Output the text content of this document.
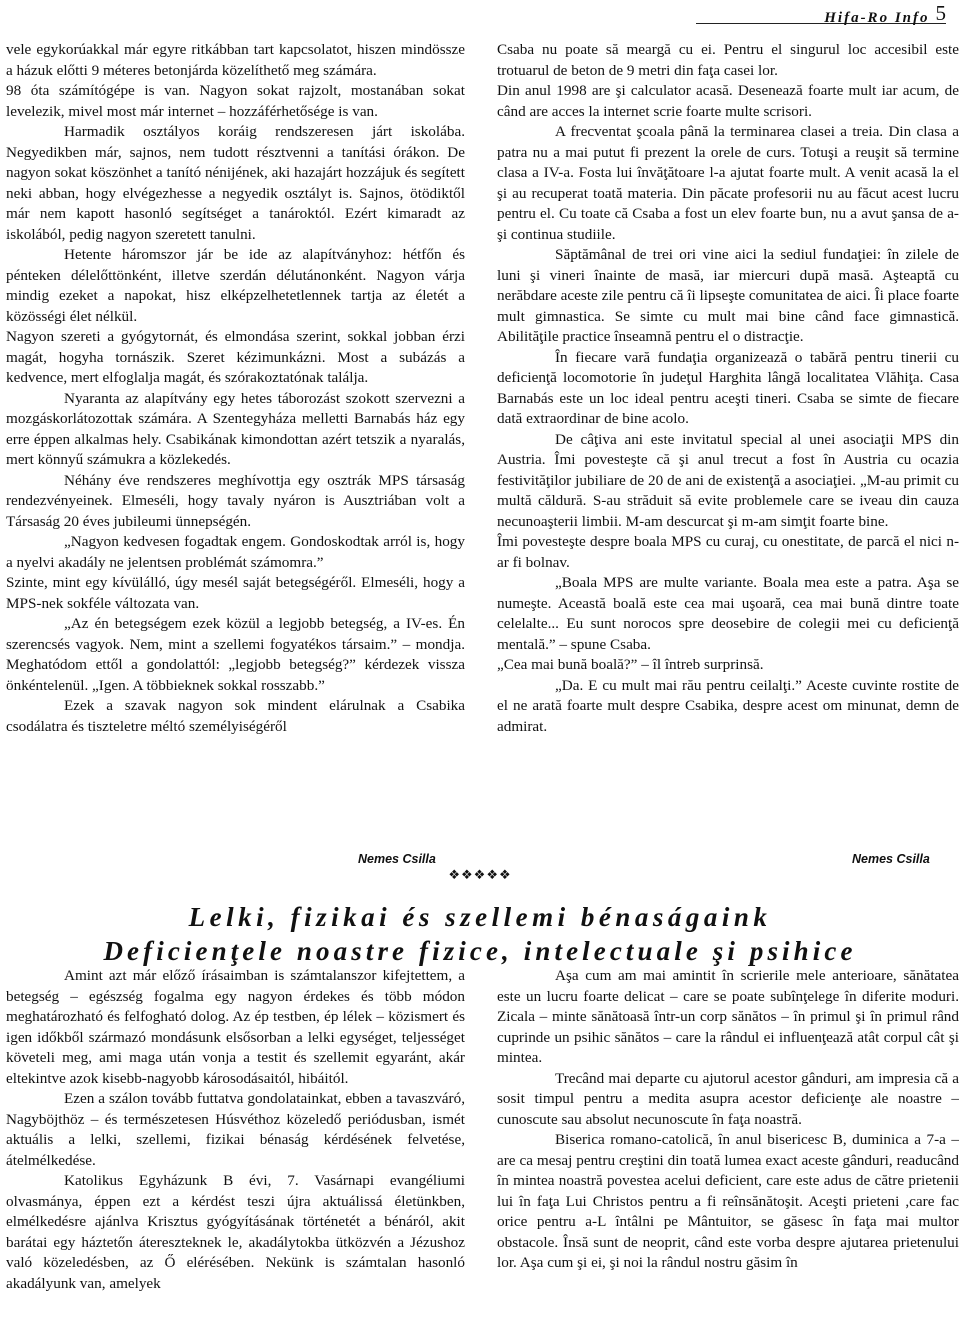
Hifa-Ro Info 5

vele egykorúakkal már egyre ritkábban tart kapcsolatot, hiszen mindössze a házuk előtti 9 méteres betonjárda közelíthető meg számára.

98 óta számítógépe is van. Nagyon sokat rajzolt, mostanában sokat levelezik, mivel most már internet – hozzáférhetősége is van.

Harmadik osztályos koráig rendszeresen járt iskolába. Negyedikben már, sajnos, nem tudott résztvenni a tanítási órákon. De nagyon sokat köszönhet a tanító nénijének, aki hazajárt hozzájuk és segített neki abban, hogy elvégezhesse a negyedik osztályt is. Sajnos, ötödiktől már nem kapott hasonló segítséget a tanároktól. Ezért kimaradt az iskolából, pedig nagyon szeretett tanulni.

Hetente háromszor jár be ide az alapítványhoz: hétfőn és pénteken délelőttönként, illetve szerdán délutánonként. Nagyon várja mindig ezeket a napokat, hisz elképzelhetetlennek tartja az életét a közösségi élet nélkül.

Nagyon szereti a gyógytornát, és elmondása szerint, sokkal jobban érzi magát, hogyha tornászik. Szeret kézimunkázni. Most a subázás a kedvence, mert elfoglalja magát, és szórakoztatónak találja.

Nyaranta az alapítvány egy hetes táborozást szokott szervezni a mozgáskorlátozottak számára. A Szentegyháza melletti Barnabás ház egy erre éppen alkalmas hely. Csabikának kimondottan azért tetszik a nyaralás, mert könnyű számukra a közlekedés.

Néhány éve rendszeres meghívottja egy osztrák MPS társaság rendezvényeinek. Elmeséli, hogy tavaly nyáron is Ausztriában volt a Társaság 20 éves jubileumi ünnepségén.

„Nagyon kedvesen fogadtak engem. Gondoskodtak arról is, hogy a nyelvi akadály ne jelentsen problémát számomra.”

Szinte, mint egy kívülálló, úgy mesél saját betegségéről. Elmeséli, hogy a MPS-nek sokféle változata van.

„Az én betegségem ezek közül a legjobb betegség, a IV-es. Én szerencsés vagyok. Nem, mint a szellemi fogyatékos társaim.” – mondja. Meghatódom ettől a gondolattól: „legjobb betegség?” kérdezek vissza önkéntelenül. „Igen. A többieknek sokkal rosszabb.”

Ezek a szavak nagyon sok mindent elárulnak a Csabika csodálatra és tiszteletre méltó személyiségéről

Csaba nu poate să meargă cu ei. Pentru el singurul loc accesibil este trotuarul de beton de 9 metri din faţa casei lor.

Din anul 1998 are şi calculator acasă. Desenează foarte mult iar acum, de când are acces la internet scrie foarte multe scrisori.

A frecventat şcoala până la terminarea clasei a treia. Din clasa a patra nu a mai putut fi prezent la orele de curs. Totuşi a reuşit să termine clasa a IV-a. Fosta lui învăţătoare l-a ajutat foarte mult. A venit acasă la el şi au recuperat toată materia. Din păcate profesorii nu au făcut acest lucru pentru el. Cu toate că Csaba a fost un elev foarte bun, nu a avut şansa de a-şi continua studiile.

Săptămânal de trei ori vine aici la sediul fundaţiei: în zilele de luni şi vineri înainte de masă, iar miercuri după masă. Aşteaptă cu nerăbdare aceste zile pentru că îi lipseşte comunitatea de aici. Îi place foarte mult gimnastica. Se simte cu mult mai bine când face gimnastică. Abilităţile practice înseamnă pentru el o distracţie.

În fiecare vară fundaţia organizează o tabără pentru tinerii cu deficienţă locomotorie în judeţul Harghita lângă localitatea Vlăhiţa. Casa Barnabás este un loc ideal pentru aceşti tineri. Csaba se simte de fiecare dată extraordinar de bine acolo.

De câţiva ani este invitatul special al unei asociaţii MPS din Austria. Îmi povesteşte că şi anul trecut a fost în Austria cu ocazia festivităţilor jubiliare de 20 de ani de existenţă a asociaţiei. „M-au primit cu multă căldură. S-au străduit să evite problemele care se iveau din cauza necunoaşterii limbii. M-am descurcat şi m-am simţit foarte bine.

Îmi povesteşte despre boala MPS cu curaj, cu onestitate, de parcă el nici n-ar fi bolnav.

„Boala MPS are multe variante. Boala mea este a patra. Aşa se numeşte. Această boală este cea mai uşoară, cea mai bună dintre toate celelalte... Eu sunt norocos spre deosebire de colegii mei cu deficienţă mentală.” – spune Csaba.

„Cea mai bună boală?” – îl întreb surprinsă.

„Da. E cu mult mai rău pentru ceilalţi.” Aceste cuvinte rostite de el ne arată foarte mult despre Csabika, despre acest om minunat, demn de admirat.

Nemes Csilla	Nemes Csilla
❖❖❖❖❖
Lelki, fizikai és szellemi bénaságaink
Deficienţele noastre fizice, intelectuale şi psihice

Amint azt már előző írásaimban is számtalanszor kifejtettem, a betegség – egészség fogalma egy nagyon érdekes és több módon meghatározható és felfogható dolog. Az ép testben, ép lélek – közismert és igen időkből származó mondásunk elsősorban a lelki egységet, teljességet követeli meg, ami maga után vonja a testit és szellemit egyaránt, akár eltekintve azok kisebb-nagyobb károsodásaitól, hibáitól.

Ezen a szálon tovább futtatva gondolatainkat, ebben a tavaszváró, Nagyböjthöz – és természetesen Húsvéthoz közeledő periódusban, ismét aktuális a lelki, szellemi, fizikai bénaság kérdésének felvetése, átelmélkedése.

Katolikus Egyházunk B évi, 7. Vasárnapi evangéliumi olvasmánya, éppen ezt a kérdést teszi újra aktuálissá életünkben, elmélkedésre ajánlva Krisztus gyógyításának történetét a bénáról, akit barátai egy háztetőn átereszteknek le, akadálytokba ütközvén a Jézushoz való közeledésben, az Ő elérésében. Nekünk is számtalan hasonló akadályunk van, amelyek

Aşa cum am mai amintit în scrierile mele anterioare, sănătatea este un lucru foarte delicat – care se poate subînţelege în diferite moduri. Zicala – minte sănătoasă într-un corp sănătos – în primul şi în primul rând cuprinde un psihic sănătos – care la rândul ei influenţează atât corpul cât şi mintea.

Trecând mai departe cu ajutorul acestor gânduri, am impresia că a sosit timpul pentru a medita asupra acestor deficienţe ale noastre – cunoscute sau absolut necunoscute în faţa noastră.

Biserica romano-catolică, în anul bisericesc B, duminica a 7-a – are ca mesaj pentru creştini din toată lumea exact aceste gânduri, readucând în mintea noastră povestea acelui deficient, care este adus de către prietenii lui în faţa Lui Christos pentru a fi reînsănătoşit. Aceşti prieteni ,care fac orice pentru a-L întâlni pe Mântuitor, se găsesc în faţa mai multor obstacole. Însă sunt de neoprit, când este vorba despre ajutarea prietenului lor. Aşa cum şi ei, şi noi la rândul nostru găsim în
